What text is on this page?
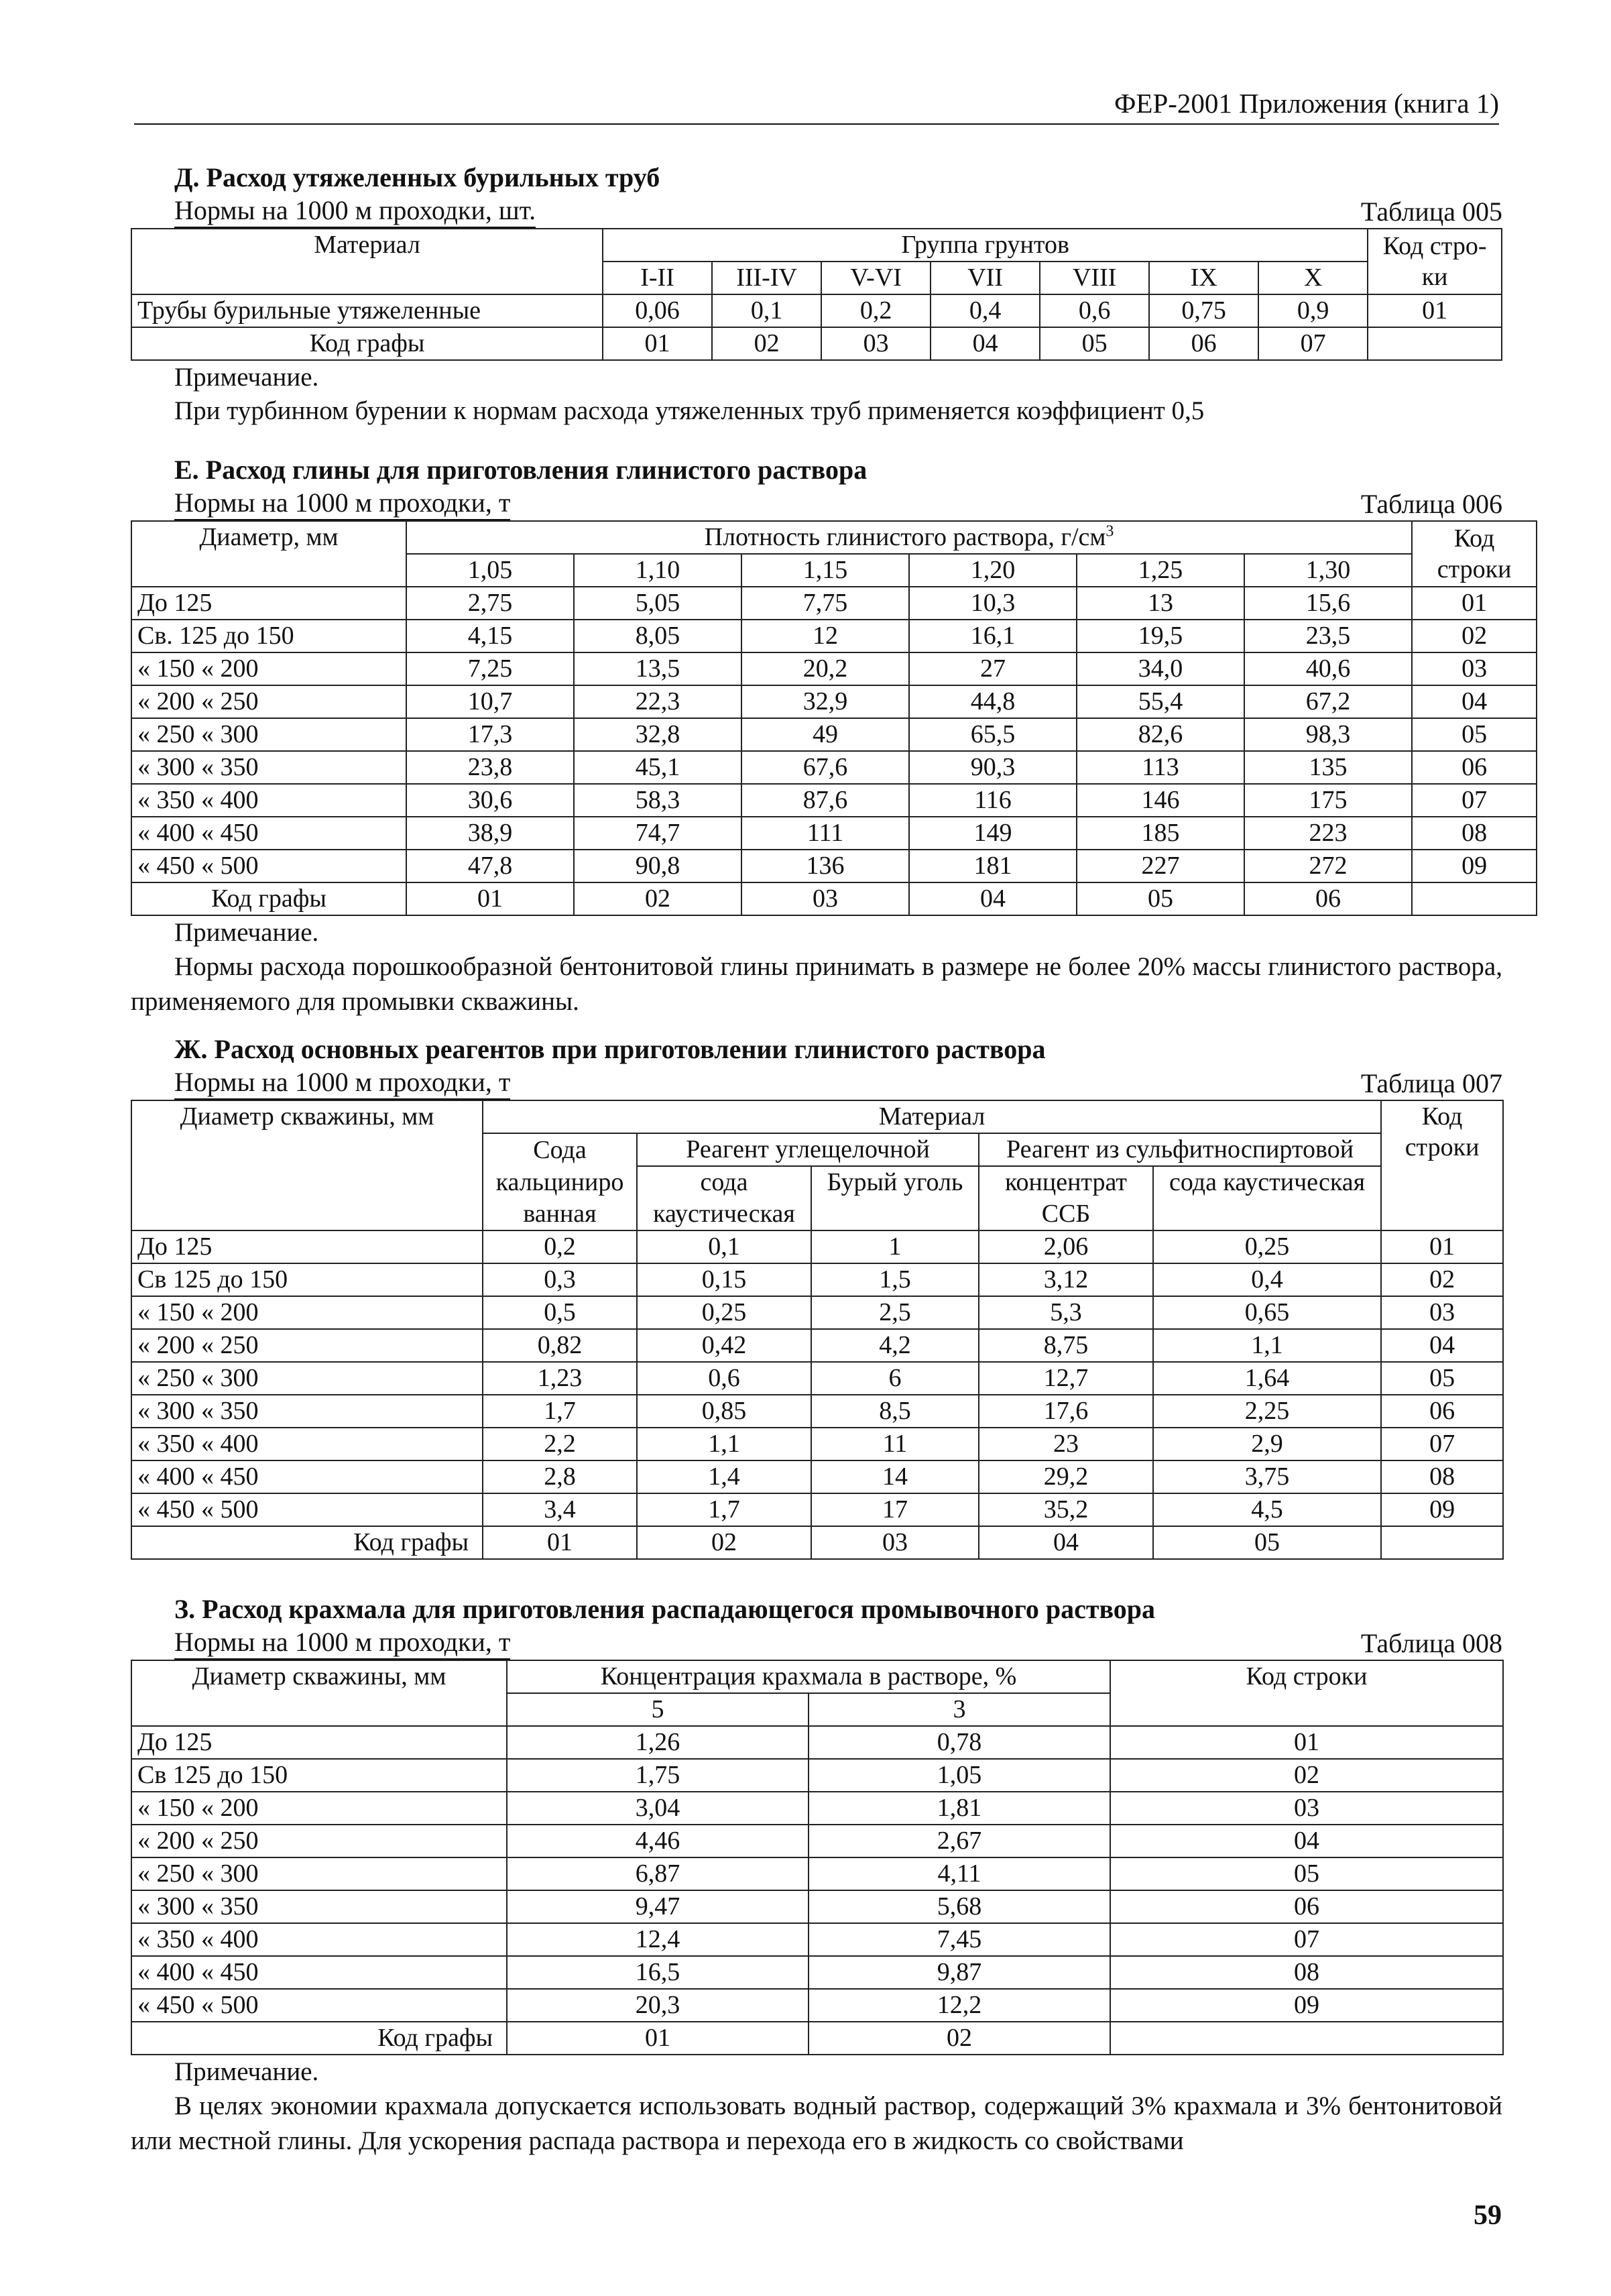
ФЕР-2001 Приложения (книга 1)
Д. Расход утяжеленных бурильных труб
Нормы на 1000 м проходки, шт.	Таблица 005
Материал	Группа грунтов							Код стро-ки
	I-II	III-IV	V-VI	VII	VIII	IX	X	
Трубы бурильные утяжеленные	0,06	0,1	0,2	0,4	0,6	0,75	0,9	01
Код графы	01	02	03	04	05	06	07	
Примечание.
При турбинном бурении к нормам расхода утяжеленных труб применяется коэффициент 0,5
Е. Расход глины для приготовления глинистого раствора
Нормы на 1000 м проходки, т	Таблица 006
Диаметр, мм	Плотность глинистого раствора, $г/см^3$						Код строки
	1,05	1,10	1,15	1,20	1,25	1,30	
До 125	2,75	5,05	7,75	10,3	13	15,6	01
Св. 125 до 150	4,15	8,05	12	16,1	19,5	23,5	02
« 150 « 200	7,25	13,5	20,2	27	34,0	40,6	03
« 200 « 250	10,7	22,3	32,9	44,8	55,4	67,2	04
« 250 « 300	17,3	32,8	49	65,5	82,6	98,3	05
« 300 « 350	23,8	45,1	67,6	90,3	113	135	06
« 350 « 400	30,6	58,3	87,6	116	146	175	07
« 400 « 450	38,9	74,7	111	149	185	223	08
« 450 « 500	47,8	90,8	136	181	227	272	09
Код графы	01	02	03	04	05	06	
Примечание.
Нормы расхода порошкообразной бентонитовой глины принимать в размере не более 20% массы глинистого раствора, применяемого для промывки скважины.
Ж. Расход основных реагентов при приготовлении глинистого раствора
Нормы на 1000 м проходки, т	Таблица 007
Диаметр скважины, мм	Материал					Код строки
	Сода	Реагент углещелочной		Реагент из сульфитноспиртовой		
	кальциниро	сода	Бурый уголь	концентрат	сода каустическая	
	ванная	каустическая		ССБ		
До 125	0,2	0,1	1	2,06	0,25	01
Св 125 до 150	0,3	0,15	1,5	3,12	0,4	02
« 150 « 200	0,5	0,25	2,5	5,3	0,65	03
« 200 « 250	0,82	0,42	4,2	8,75	1,1	04
« 250 « 300	1,23	0,6	6	12,7	1,64	05
« 300 « 350	1,7	0,85	8,5	17,6	2,25	06
« 350 « 400	2,2	1,1	11	23	2,9	07
« 400 « 450	2,8	1,4	14	29,2	3,75	08
« 450 « 500	3,4	1,7	17	35,2	4,5	09
Код графы	01	02	03	04	05	
З. Расход крахмала для приготовления распадающегося промывочного раствора
Нормы на 1000 м проходки, т	Таблица 008
Диаметр скважины, мм	Концентрация крахмала в растворе, %		Код строки
	5	3	
До 125	1,26	0,78	01
Св 125 до 150	1,75	1,05	02
« 150 « 200	3,04	1,81	03
« 200 « 250	4,46	2,67	04
« 250 « 300	6,87	4,11	05
« 300 « 350	9,47	5,68	06
« 350 « 400	12,4	7,45	07
« 400 « 450	16,5	9,87	08
« 450 « 500	20,3	12,2	09
Код графы	01	02	
Примечание.
В целях экономии крахмала допускается использовать водный раствор, содержащий 3% крахмала и 3% бентонитовой или местной глины. Для ускорения распада раствора и перехода его в жидкость со свойствами
59
